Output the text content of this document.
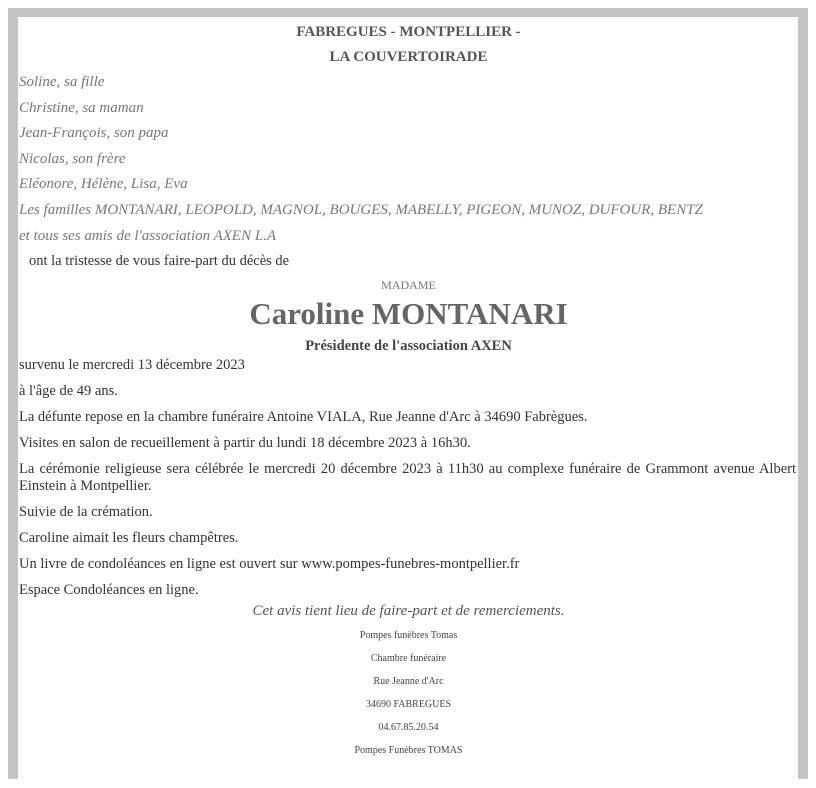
FABREGUES - MONTPELLIER -
LA COUVERTOIRADE

Soline, sa fille

Christine, sa maman

Jean-François, son papa

Nicolas, son frère

Eléonore, Hélène, Lisa, Eva

Les familles MONTANARI, LEOPOLD, MAGNOL, BOUGES, MABELLY, PIGEON, MUNOZ, DUFOUR, BENTZ

et tous ses amis de l'association AXEN L.A

ont la tristesse de vous faire-part du décès de

MADAME
Caroline MONTANARI
Présidente de l'association AXEN

survenu le mercredi 13 décembre 2023

à l'âge de 49 ans.

La défunte repose en la chambre funéraire Antoine VIALA, Rue Jeanne d'Arc à 34690 Fabrègues.

Visites en salon de recueillement à partir du lundi 18 décembre 2023 à 16h30.

La cérémonie religieuse sera célébrée le mercredi 20 décembre 2023 à 11h30 au complexe funéraire de Grammont avenue Albert Einstein à Montpellier.

Suivie de la crémation.

Caroline aimait les fleurs champêtres.

Un livre de condoléances en ligne est ouvert sur www.pompes-funebres-montpellier.fr

Espace Condoléances en ligne.

Cet avis tient lieu de faire-part et de remerciements.
Pompes funèbres Tomas
Chambre funéraire
Rue Jeanne d'Arc
34690 FABREGUES
04.67.85.20.54
Pompes Funèbres TOMAS
